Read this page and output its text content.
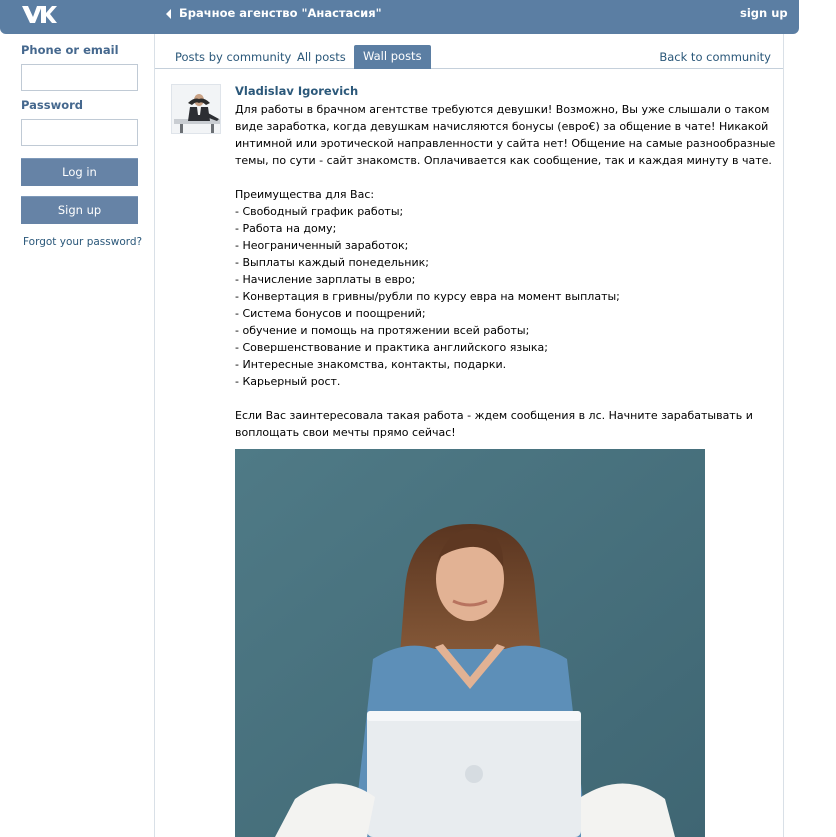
Брачное агенство "Анастасия"	sign up
Phone or email
Password
Log in
Sign up
Forgot your password?
Posts by community All posts	Wall posts	Back to community
Vladislav Igorevich

Для работы в брачном агентстве требуются девушки! Возможно, Вы уже слышали о таком виде заработка, когда девушкам начисляются бонусы (евро€) за общение в чате! Никакой интимной или эротической направленности у сайта нет! Общение на самые разнообразные темы, по сути - сайт знакомств. Оплачивается как сообщение, так и каждая минуту в чате.

Преимущества для Вас:

- Свободный график работы;
- Работа на дому;
- Неограниченный заработок;
- Выплаты каждый понедельник;
- Начисление зарплаты в евро;
- Конвертация в гривны/рубли по курсу евра на момент выплаты;
- Система бонусов и поощрений;
- обучение и помощь на протяжении всей работы;
- Совершенствование и практика английского языка;
- Интересные знакомства, контакты, подарки.
- Карьерный рост.

Если Вас заинтересовала такая работа - ждем сообщения в лс. Начните зарабатывать и воплощать свои мечты прямо сейчас!
